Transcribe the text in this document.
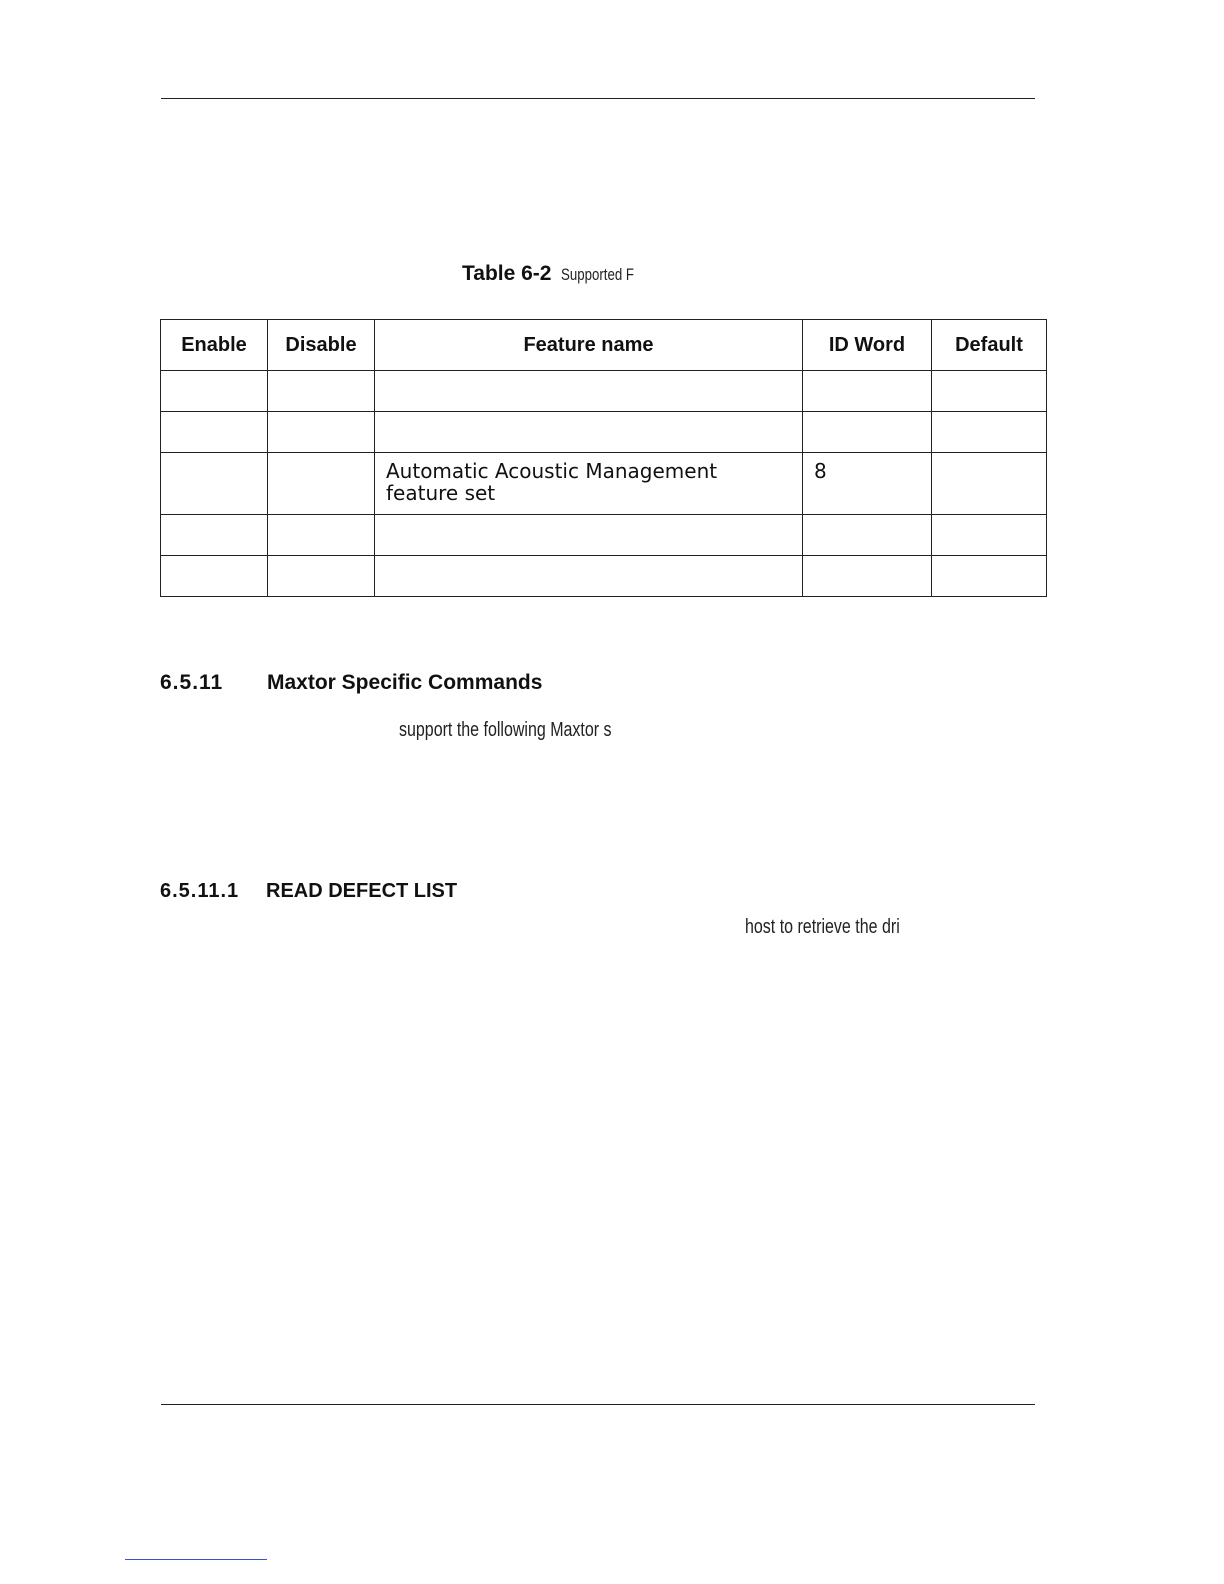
Table 6-2 Supported F
Enable	Disable	Feature name	ID Word	Default

		Automatic Acoustic Management feature set	8	

6.5.11 Maxtor Specific Commands
support the following Maxtor s
6.5.11.1 READ DEFECT LIST
host to retrieve the dri
